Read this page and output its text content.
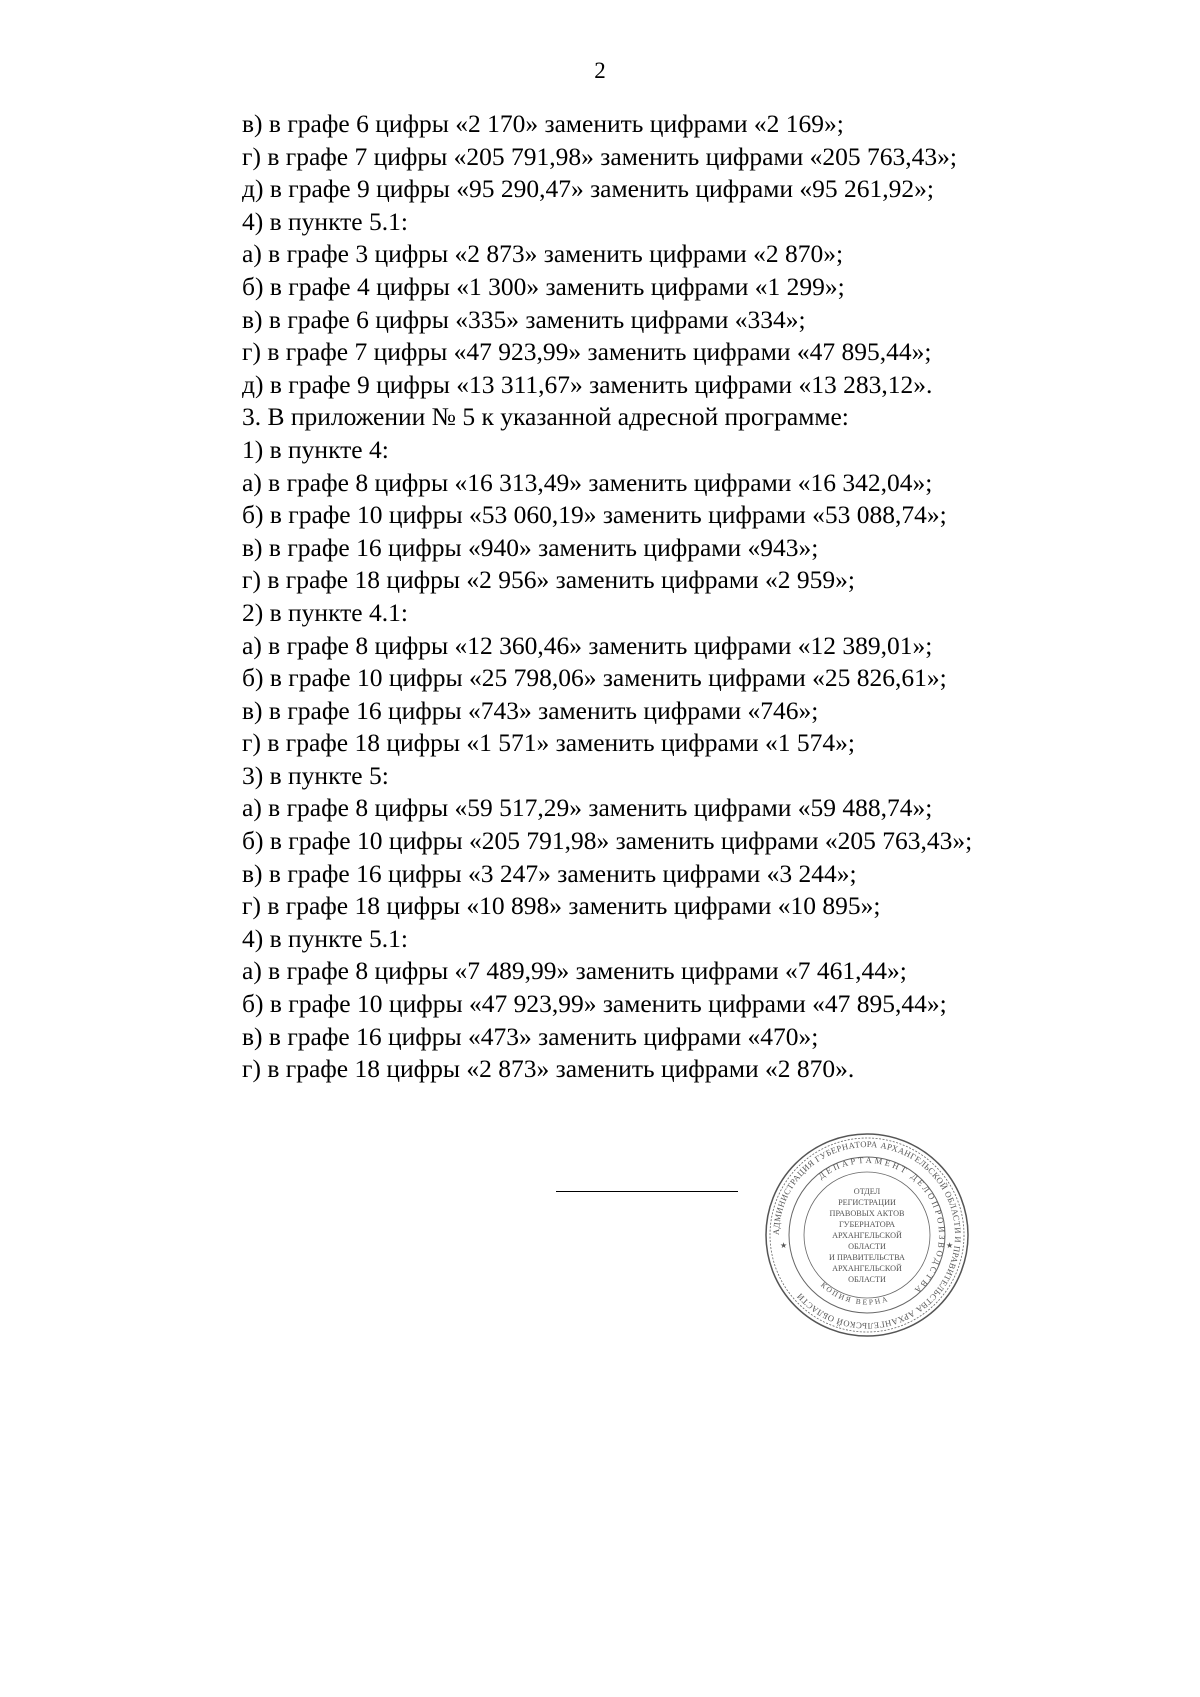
2
в) в графе 6 цифры «2 170» заменить цифрами «2 169»;
г) в графе 7 цифры «205 791,98» заменить цифрами «205 763,43»;
д) в графе 9 цифры «95 290,47» заменить цифрами «95 261,92»;
4) в пункте 5.1:
а) в графе 3 цифры «2 873» заменить цифрами «2 870»;
б) в графе 4 цифры «1 300» заменить цифрами «1 299»;
в) в графе 6 цифры «335» заменить цифрами «334»;
г) в графе 7 цифры «47 923,99» заменить цифрами «47 895,44»;
д) в графе 9 цифры «13 311,67» заменить цифрами «13 283,12».
3. В приложении № 5 к указанной адресной программе:
1) в пункте 4:
а) в графе 8 цифры «16 313,49» заменить цифрами «16 342,04»;
б) в графе 10 цифры «53 060,19» заменить цифрами «53 088,74»;
в) в графе 16 цифры «940» заменить цифрами «943»;
г) в графе 18 цифры «2 956» заменить цифрами «2 959»;
2) в пункте 4.1:
а) в графе 8 цифры «12 360,46» заменить цифрами «12 389,01»;
б) в графе 10 цифры «25 798,06» заменить цифрами «25 826,61»;
в) в графе 16 цифры «743» заменить цифрами «746»;
г) в графе 18 цифры «1 571» заменить цифрами «1 574»;
3) в пункте 5:
а) в графе 8 цифры «59 517,29» заменить цифрами «59 488,74»;
б) в графе 10 цифры «205 791,98» заменить цифрами «205 763,43»;
в) в графе 16 цифры «3 247» заменить цифрами «3 244»;
г) в графе 18 цифры «10 898» заменить цифрами «10 895»;
4) в пункте 5.1:
а) в графе 8 цифры «7 489,99» заменить цифрами «7 461,44»;
б) в графе 10 цифры «47 923,99» заменить цифрами «47 895,44»;
в) в графе 16 цифры «473» заменить цифрами «470»;
г) в графе 18 цифры «2 873» заменить цифрами «2 870».
АДМИНИСТРАЦИЯ ГУБЕРНАТОРА АРХАНГЕЛЬСКОЙ ОБЛАСТИ И ПРАВИТЕЛЬСТВА АРХАНГЕЛЬСКОЙ ОБЛАСТИ
ДЕПАРТАМЕНТ ДЕЛОПРОИЗВОДСТВА
КОПИЯ ВЕРНА
ОТДЕЛ
РЕГИСТРАЦИИ
ПРАВОВЫХ АКТОВ
ГУБЕРНАТОРА
АРХАНГЕЛЬСКОЙ
ОБЛАСТИ
И ПРАВИТЕЛЬСТВА
АРХАНГЕЛЬСКОЙ
ОБЛАСТИ
★	★
